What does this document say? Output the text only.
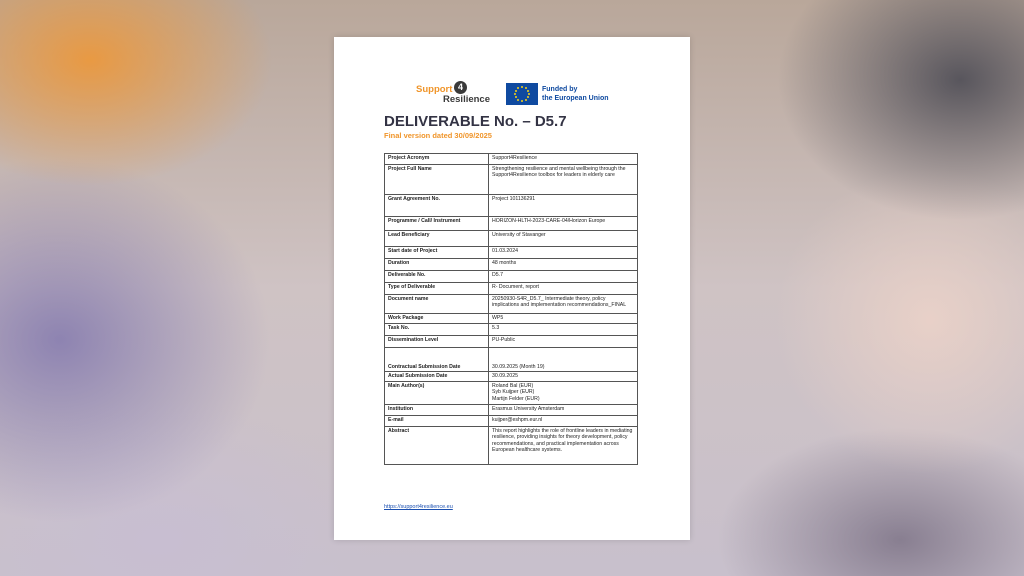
Support 4
Resilience
Funded by
the European Union
DELIVERABLE No. – D5.7
Final version dated 30/09/2025
Project Acronym	Support4Resilience
Project Full Name	Strengthening resilience and mental wellbeing through the Support4Resilience toolbox for leaders in elderly care
Grant Agreement No.	Project 101136291
Programme / Call/ Instrument	HORIZON-HLTH-2023-CARE-04/Horizon Europe
Lead Beneficiary	University of Stavanger
Start date of Project	01.03.2024
Duration	48 months
Deliverable No.	D5.7
Type of Deliverable	R- Document, report
Document name	20250930-S4R_D5.7_ Intermediate theory, policy implications and implementation recommendations_FINAL
Work Package	WP5
Task No.	5.3
Dissemination Level	PU-Public
Contractual Submission Date	30.09.2025 (Month 19)
Actual Submission Date	30.09.2025
Main Author(s)	Roland Bal (EUR)
Syb Kuijper (EUR)
Martijn Felder (EUR)
Institution	Erasmus University Amsterdam
E-mail	kuijper@eshpm.eur.nl
Abstract	This report highlights the role of frontline leaders in mediating resilience, providing insights for theory development, policy recommendations, and practical implementation across European healthcare systems.
https://support4resilience.eu
